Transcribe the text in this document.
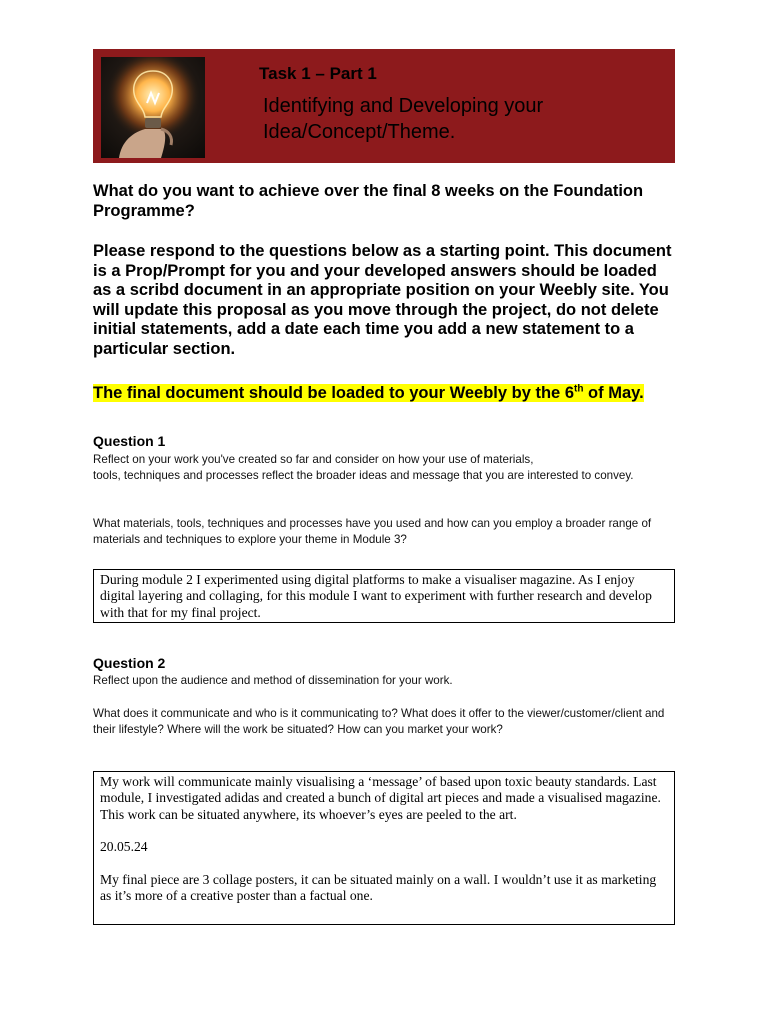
Task 1 – Part 1
Identifying and Developing your
Idea/Concept/Theme.
What do you want to achieve over the final 8 weeks on the Foundation Programme?
Please respond to the questions below as a starting point. This document is a Prop/Prompt for you and your developed answers should be loaded as a scribd document in an appropriate position on your Weebly site. You will update this proposal as you move through the project, do not delete initial statements, add a date each time you add a new statement to a particular section.
The final document should be loaded to your Weebly by the 6th of May.
Question 1
Reflect on your work you've created so far and consider on how your use of materials,
tools, techniques and processes reflect the broader ideas and message that you are interested to convey.
What materials, tools, techniques and processes have you used and how can you employ a broader range of materials and techniques to explore your theme in Module 3?

During module 2 I experimented using digital platforms to make a visualiser magazine. As I enjoy digital layering and collaging, for this module I want to experiment with further research and develop with that for my final project.

Question 2
Reflect upon the audience and method of dissemination for your work.
What does it communicate and who is it communicating to? What does it offer to the viewer/customer/client and their lifestyle? Where will the work be situated? How can you market your work?

My work will communicate mainly visualising a ‘message’ of based upon toxic beauty standards. Last module, I investigated adidas and created a bunch of digital art pieces and made a visualised magazine. This work can be situated anywhere, its whoever’s eyes are peeled to the art.

20.05.24

My final piece are 3 collage posters, it can be situated mainly on a wall. I wouldn’t use it as marketing as it’s more of a creative poster than a factual one.
